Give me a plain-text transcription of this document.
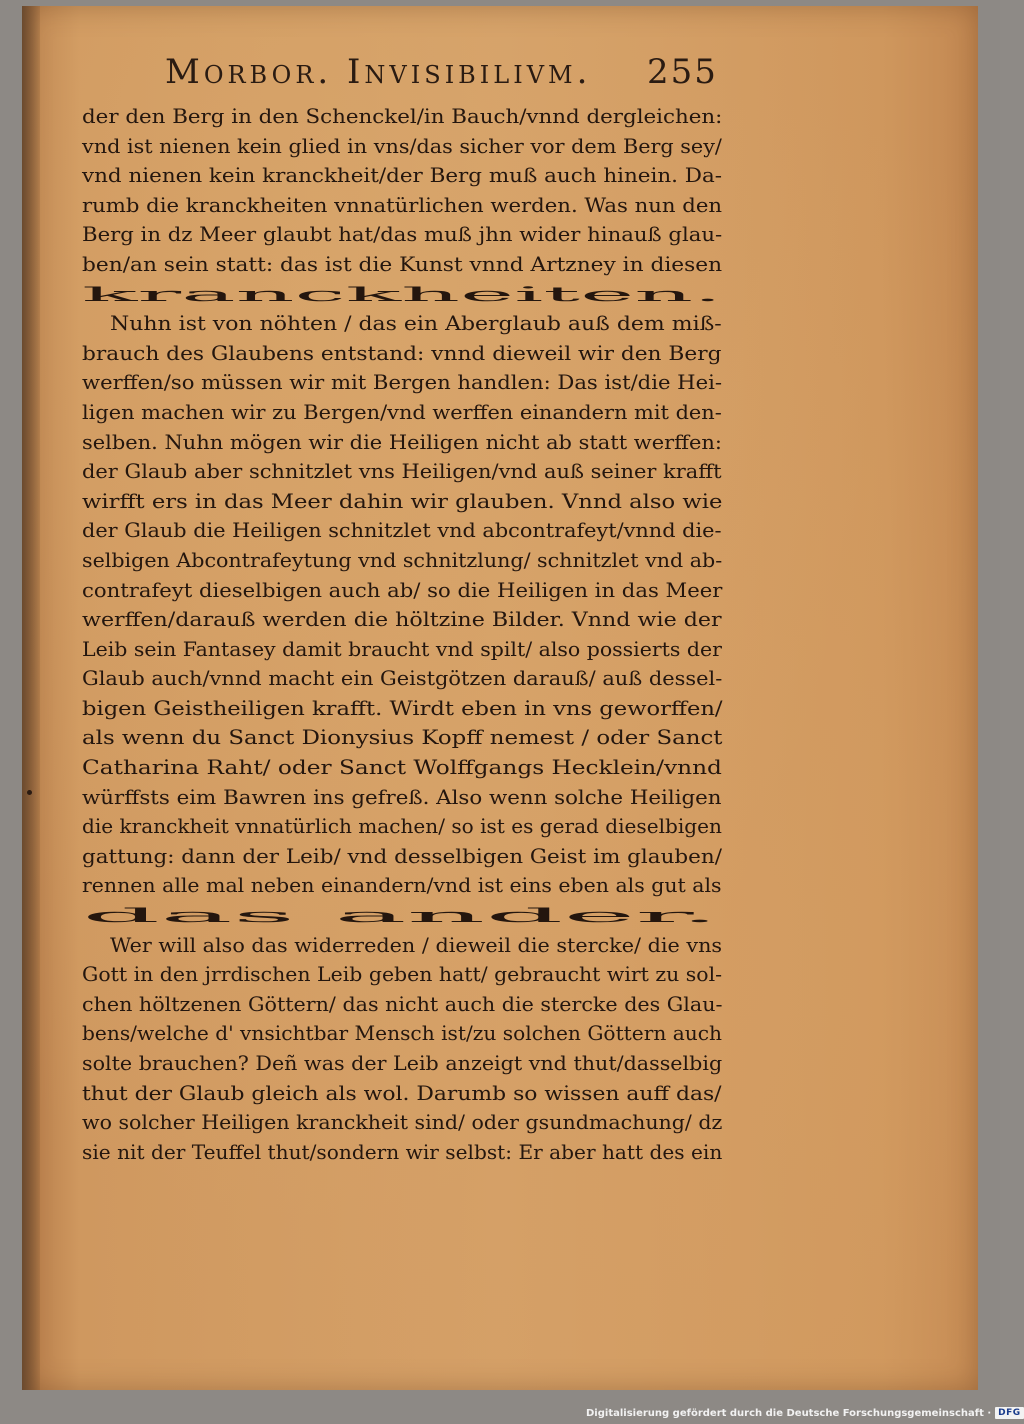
Morbor. Invisibilivm. 255
der den Berg in den Schenckel/in Bauch/vnnd dergleichen:
vnd ist nienen kein glied in vns/das sicher vor dem Berg sey/
vnd nienen kein kranckheit/der Berg muß auch hinein. Da-
rumb die kranckheiten vnnatürlichen werden. Was nun den
Berg in dz Meer glaubt hat/das muß jhn wider hinauß glau-
ben/an sein statt: das ist die Kunst vnnd Artzney in diesen
kranckheiten.
Nuhn ist von nöhten / das ein Aberglaub auß dem miß-
brauch des Glaubens entstand: vnnd dieweil wir den Berg
werffen/so müssen wir mit Bergen handlen: Das ist/die Hei-
ligen machen wir zu Bergen/vnd werffen einandern mit den-
selben. Nuhn mögen wir die Heiligen nicht ab statt werffen:
der Glaub aber schnitzlet vns Heiligen/vnd auß seiner krafft
wirfft ers in das Meer dahin wir glauben. Vnnd also wie
der Glaub die Heiligen schnitzlet vnd abcontrafeyt/vnnd die-
selbigen Abcontrafeytung vnd schnitzlung/ schnitzlet vnd ab-
contrafeyt dieselbigen auch ab/ so die Heiligen in das Meer
werffen/darauß werden die höltzine Bilder. Vnnd wie der
Leib sein Fantasey damit braucht vnd spilt/ also possierts der
Glaub auch/vnnd macht ein Geistgötzen darauß/ auß dessel-
bigen Geistheiligen krafft. Wirdt eben in vns geworffen/
als wenn du Sanct Dionysius Kopff nemest / oder Sanct
Catharina Raht/ oder Sanct Wolffgangs Hecklein/vnnd
würffsts eim Bawren ins gefreß. Also wenn solche Heiligen
die kranckheit vnnatürlich machen/ so ist es gerad dieselbigen
gattung: dann der Leib/ vnd desselbigen Geist im glauben/
rennen alle mal neben einandern/vnd ist eins eben als gut als
das ander.
Wer will also das widerreden / dieweil die stercke/ die vns
Gott in den jrrdischen Leib geben hatt/ gebraucht wirt zu sol-
chen höltzenen Göttern/ das nicht auch die stercke des Glau-
bens/welche d' vnsichtbar Mensch ist/zu solchen Göttern auch
solte brauchen? Deñ was der Leib anzeigt vnd thut/dasselbig
thut der Glaub gleich als wol. Darumb so wissen auff das/
wo solcher Heiligen kranckheit sind/ oder gsundmachung/ dz
sie nit der Teuffel thut/sondern wir selbst: Er aber hatt des ein
Digitalisierung gefördert durch die Deutsche Forschungsgemeinschaft · DFG
